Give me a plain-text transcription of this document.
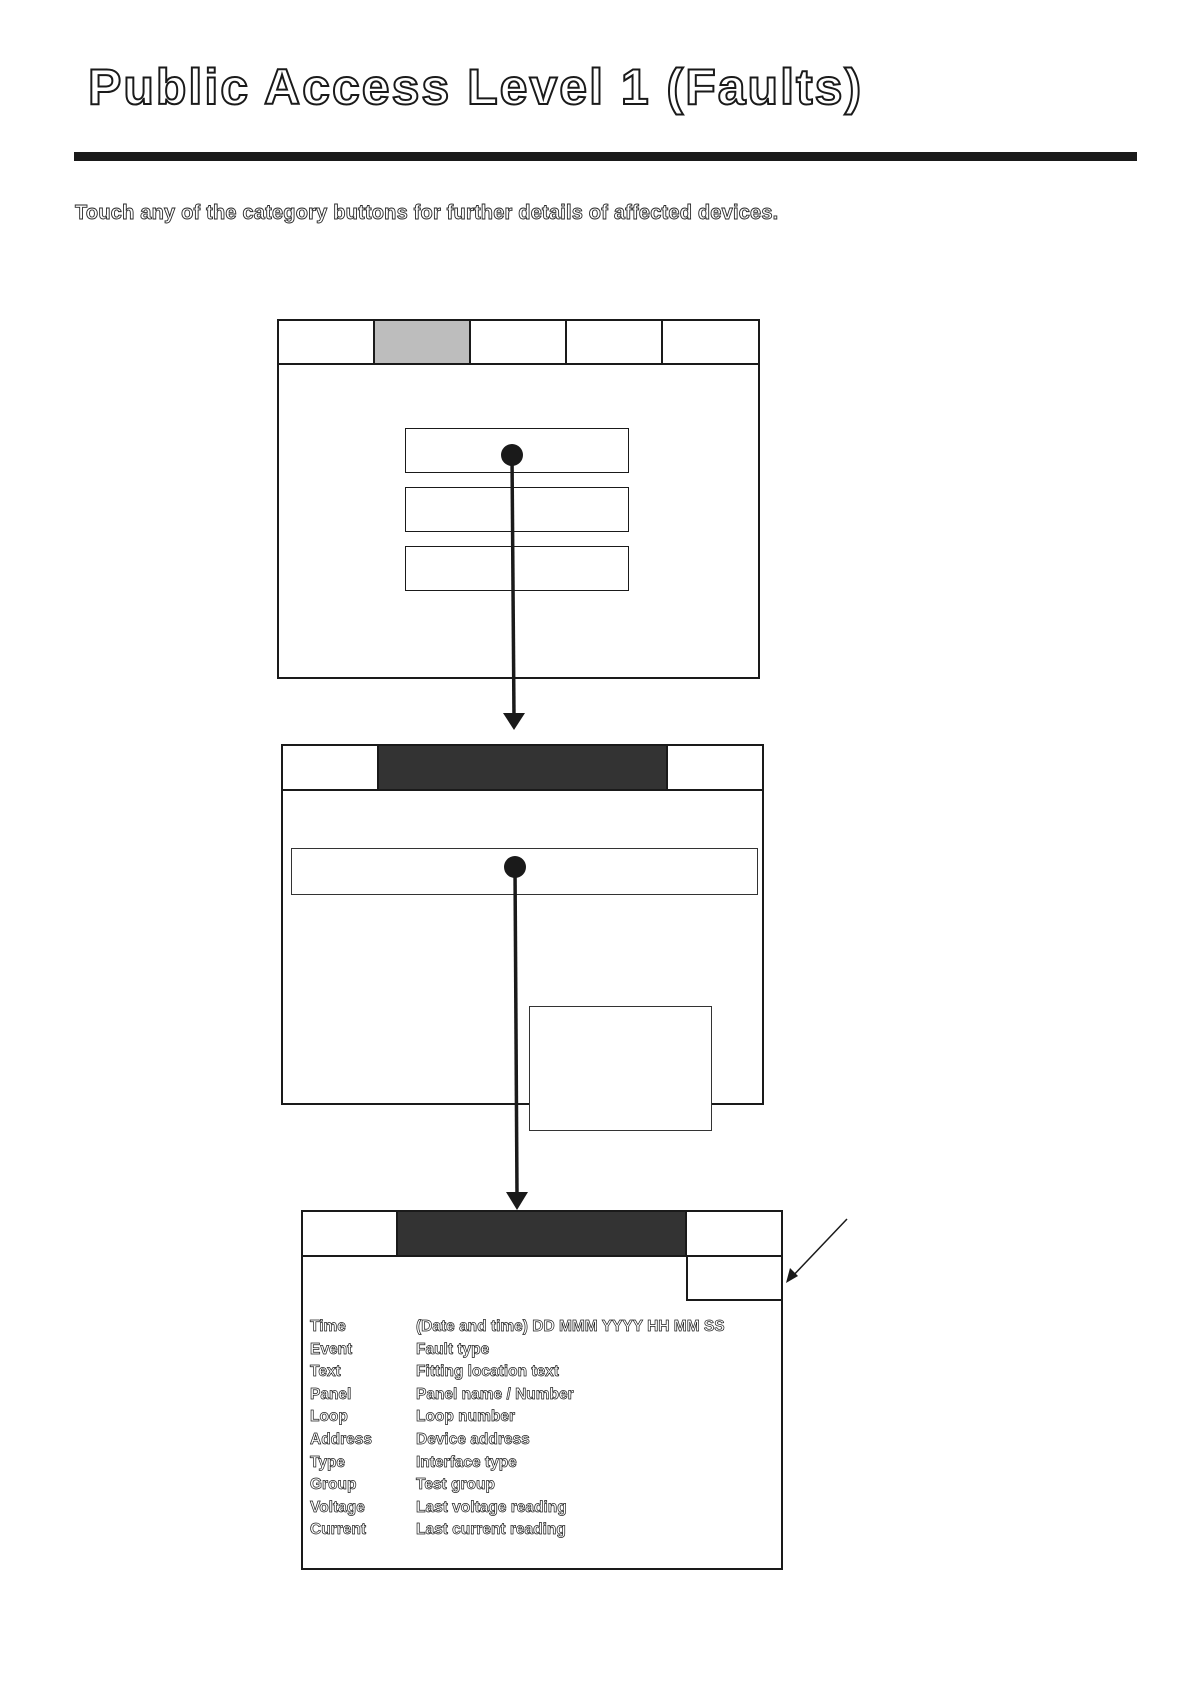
Public Access Level 1 (Faults)

Touch any of the category buttons for further details of affected devices.

Time	(Date and time) DD MMM YYYY HH MM SS
Event	Fault type
Text	Fitting location text
Panel	Panel name / Number
Loop	Loop number
Address	Device address
Type	Interface type
Group	Test group
Voltage	Last voltage reading
Current	Last current reading
